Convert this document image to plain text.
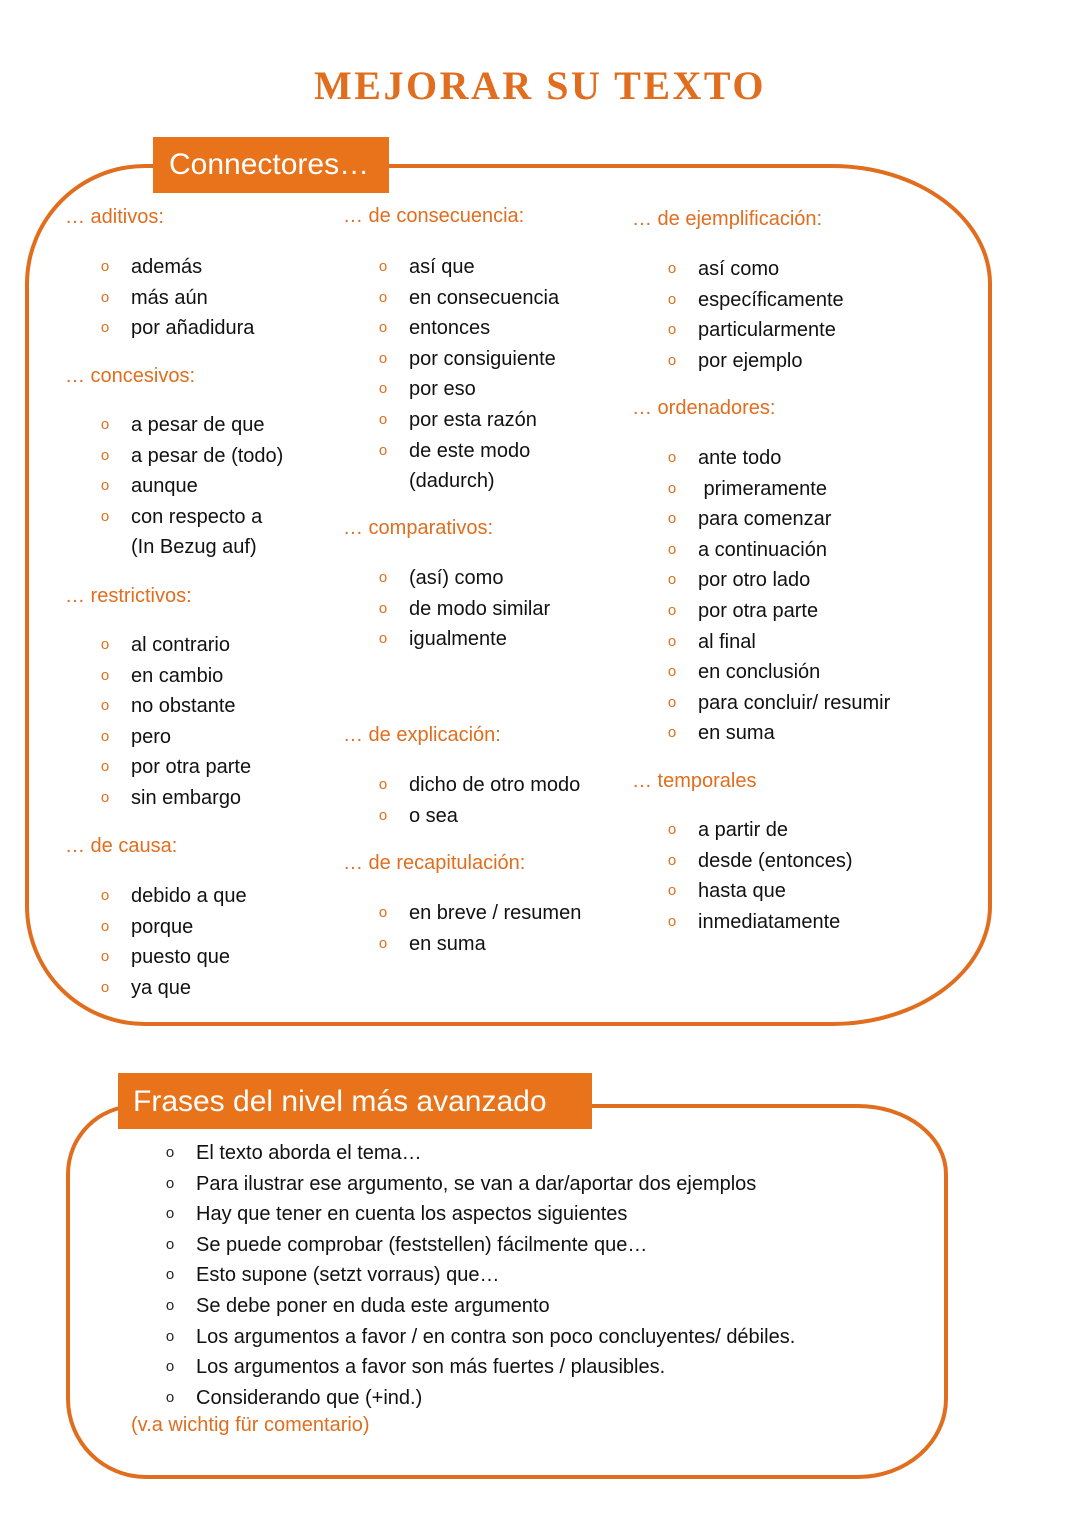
MEJORAR SU TEXTO
Connectores…
… aditivos:
o además
o más aún
o por añadidura
… concesivos:
o a pesar de que
o a pesar de (todo)
o aunque
o con respecto a
(In Bezug auf)
… restrictivos:
o al contrario
o en cambio
o no obstante
o pero
o por otra parte
o sin embargo
… de causa:
o debido a que
o porque
o puesto que
o ya que
… de consecuencia:
o así que
o en consecuencia
o entonces
o por consiguiente
o por eso
o por esta razón
o de este modo
(dadurch)
… comparativos:
o (así) como
o de modo similar
o igualmente
… de explicación:
o dicho de otro modo
o o sea
… de recapitulación:
o en breve / resumen
o en suma
… de ejemplificación:
o así como
o específicamente
o particularmente
o por ejemplo
… ordenadores:
o ante todo
o primeramente
o para comenzar
o a continuación
o por otro lado
o por otra parte
o al final
o en conclusión
o para concluir/ resumir
o en suma
… temporales
o a partir de
o desde (entonces)
o hasta que
o inmediatamente
Frases del nivel más avanzado
o El texto aborda el tema…
o Para ilustrar ese argumento, se van a dar/aportar dos ejemplos
o Hay que tener en cuenta los aspectos siguientes
o Se puede comprobar (feststellen) fácilmente que…
o Esto supone (setzt vorraus) que…
o Se debe poner en duda este argumento
o Los argumentos a favor / en contra son poco concluyentes/ débiles.
o Los argumentos a favor son más fuertes / plausibles.
o Considerando que (+ind.)
(v.a wichtig für comentario)
